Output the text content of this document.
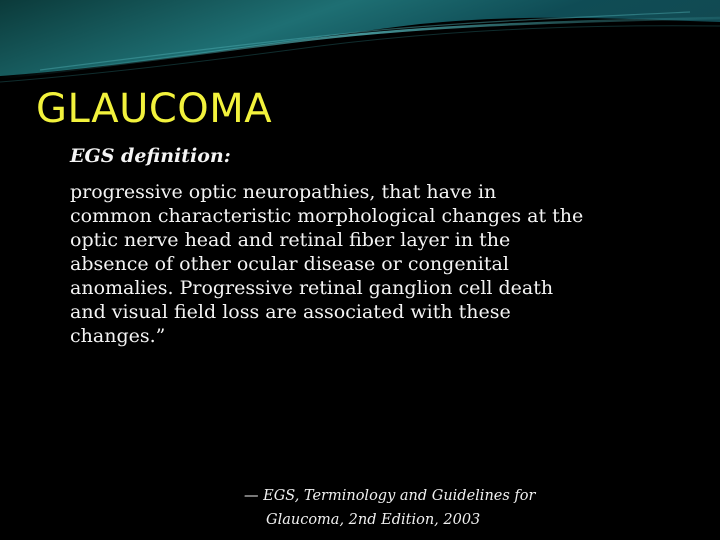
GLAUCOMA
EGS definition:

progressive optic neuropathies, that have in
common characteristic morphological changes at the
optic nerve head and retinal fiber layer in the
absence of other ocular disease or congenital
anomalies. Progressive retinal ganglion cell death
and visual field loss are associated with these
changes.”

— EGS, Terminology and Guidelines for
Glaucoma, 2nd Edition, 2003
